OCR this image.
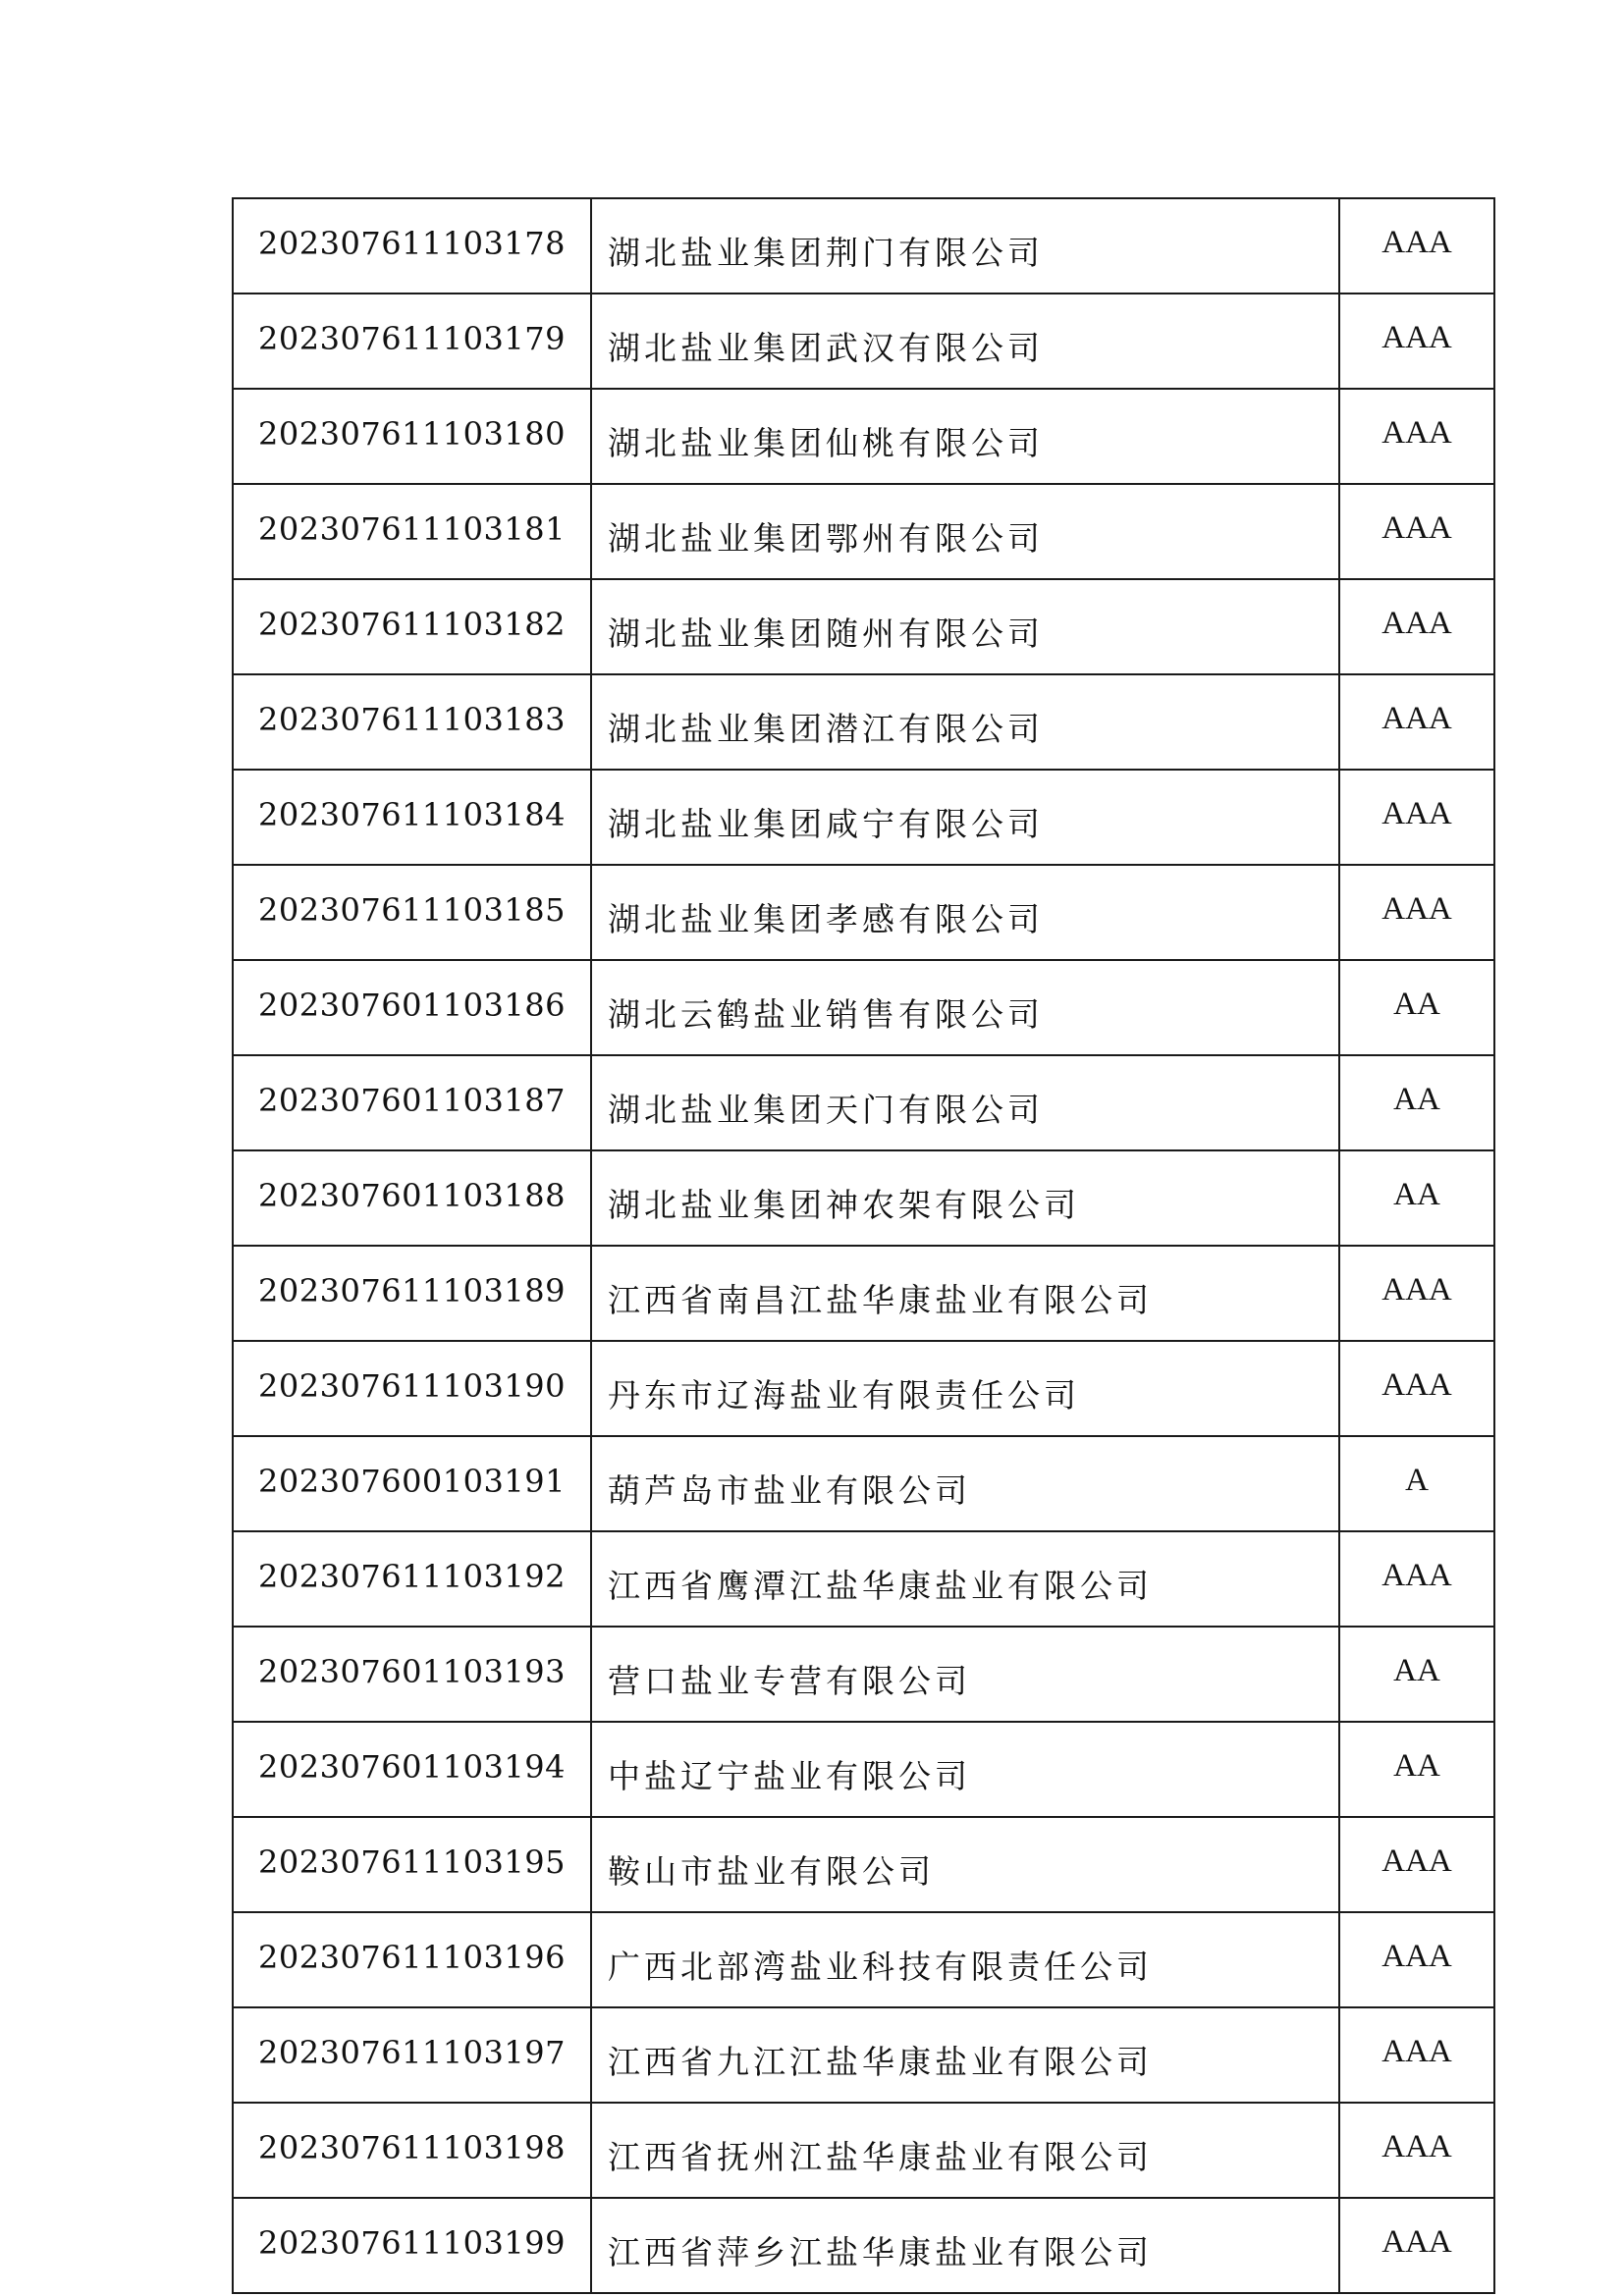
202307611103178	湖北盐业集团荆门有限公司	AAA
202307611103179	湖北盐业集团武汉有限公司	AAA
202307611103180	湖北盐业集团仙桃有限公司	AAA
202307611103181	湖北盐业集团鄂州有限公司	AAA
202307611103182	湖北盐业集团随州有限公司	AAA
202307611103183	湖北盐业集团潜江有限公司	AAA
202307611103184	湖北盐业集团咸宁有限公司	AAA
202307611103185	湖北盐业集团孝感有限公司	AAA
202307601103186	湖北云鹤盐业销售有限公司	AA
202307601103187	湖北盐业集团天门有限公司	AA
202307601103188	湖北盐业集团神农架有限公司	AA
202307611103189	江西省南昌江盐华康盐业有限公司	AAA
202307611103190	丹东市辽海盐业有限责任公司	AAA
202307600103191	葫芦岛市盐业有限公司	A
202307611103192	江西省鹰潭江盐华康盐业有限公司	AAA
202307601103193	营口盐业专营有限公司	AA
202307601103194	中盐辽宁盐业有限公司	AA
202307611103195	鞍山市盐业有限公司	AAA
202307611103196	广西北部湾盐业科技有限责任公司	AAA
202307611103197	江西省九江江盐华康盐业有限公司	AAA
202307611103198	江西省抚州江盐华康盐业有限公司	AAA
202307611103199	江西省萍乡江盐华康盐业有限公司	AAA
